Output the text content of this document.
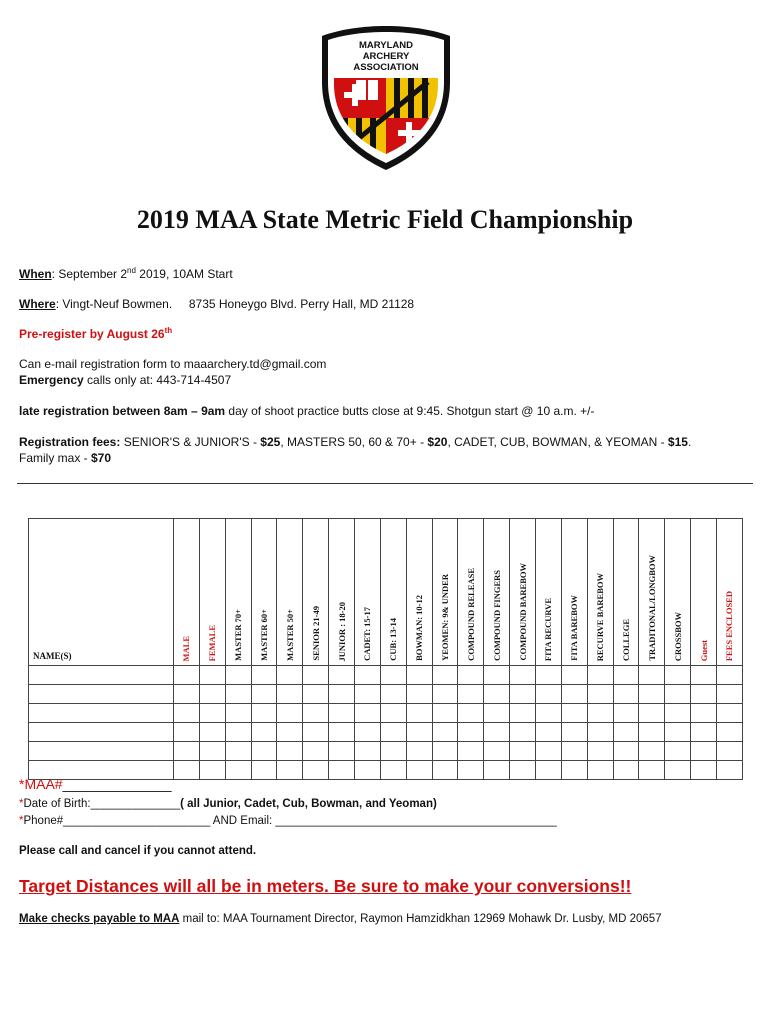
MARYLAND
ARCHERY
ASSOCIATION
2019 MAA State Metric Field Championship
When: September 2nd 2019, 10AM Start
Where: Vingt-Neuf Bowmen.     8735 Honeygo Blvd. Perry Hall, MD 21128
Pre-register by August 26th
Can e-mail registration form to maaarchery.td@gmail.com
Emergency calls only at: 443-714-4507
late registration between 8am – 9am day of shoot practice butts close at 9:45. Shotgun start @ 10 a.m. +/-
Registration fees: SENIOR'S & JUNIOR'S - $25, MASTERS 50, 60 & 70+ - $20, CADET, CUB, BOWMAN, & YEOMAN - $15.
Family max - $70
NAME(S)	MALE	FEMALE	MASTER 70+	MASTER 60+	MASTER 50+	SENIOR 21-49	JUNIOR : 18-20	CADET: 15-17	CUB: 13-14	BOWMAN: 10-12	YEOMEN: 9& UNDER	COMPOUND RELEASE	COMPOUND FINGERS	COMPOUND BAREBOW	FITA RECURVE	FITA BAREBOW	RECURVE BAREBOW	COLLEGE	TRADITONAL/LONGBOW	CROSSBOW	Guest	FEES ENCLOSED

*MAA#______________
*Date of Birth:______________( all Junior, Cadet, Cub, Bowman, and Yeoman)
*Phone#_______________________ AND Email: ____________________________________________
Please call and cancel if you cannot attend.
Target Distances will all be in meters. Be sure to make your conversions!!
Make checks payable to MAA mail to: MAA Tournament Director, Raymon Hamzidkhan 12969 Mohawk Dr. Lusby, MD 20657
